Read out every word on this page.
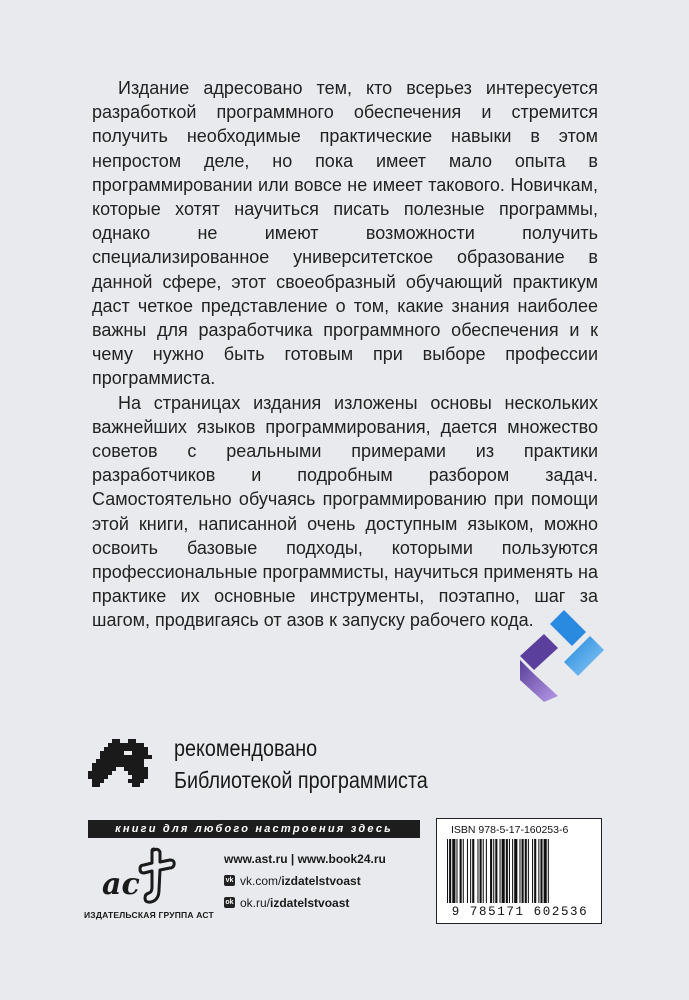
Издание адресовано тем, кто всерьез интересуется разработкой программного обеспечения и стремится получить необходимые практические навыки в этом непростом деле, но пока имеет мало опыта в программировании или вовсе не имеет такового. Новичкам, которые хотят научиться писать полезные программы, однако не имеют возможности получить специализированное университетское образование в данной сфере, этот своеобразный обучающий практикум даст четкое представление о том, какие знания наиболее важны для разработчика программного обеспечения и к чему нужно быть готовым при выборе профессии программиста.

На страницах издания изложены основы нескольких важнейших языков программирования, дается множество советов с реальными примерами из практики разработчиков и подробным разбором задач. Самостоятельно обучаясь программированию при помощи этой книги, написанной очень доступным языком, можно освоить базовые подходы, которыми пользуются профессиональные программисты, научиться применять на практике их основные инструменты, поэтапно, шаг за шагом, продвигаясь от азов к запуску рабочего кода.

рекомендовано
Библиотекой программиста
книги для любого настроения здесь	ISBN 978-5-17-160253-6
9 785171 602536
ac
ИЗДАТЕЛЬСКАЯ ГРУППА АСТ
www.ast.ru | www.book24.ru
vk vk.com/izdatelstvoast
ok ok.ru/izdatelstvoast
